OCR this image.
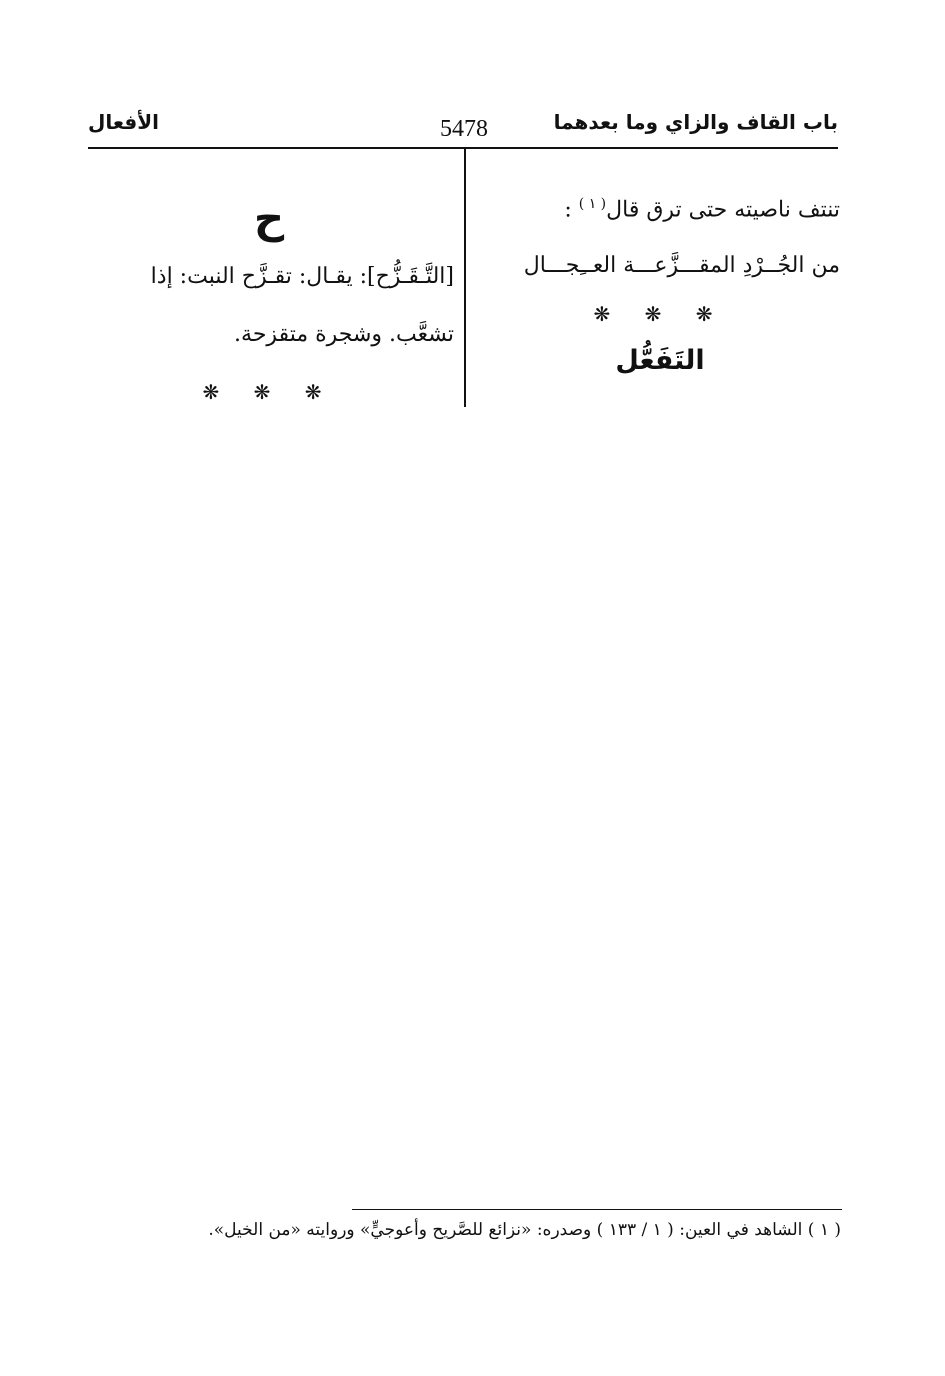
باب القاف والزاي وما بعدهما
5478
الأفعال
تنتف ناصيته حتى ترق قال$^{( ١ )}$ :
من الجُــرْدِ المقـــزَّعـــة العــِجـــال
❋ ❋ ❋
التَفَعُّل
ح
[التَّـقَـزُّح]: يقـال: تقـزَّح النبت: إذا
تشعَّب. وشجرة متقزحة.
❋ ❋ ❋
( ١ ) الشاهد في العين: ( ١ / ١٣٣ ) وصدره: «نزائع للصَّريح وأعوجيٍّ» وروايته «من الخيل».
